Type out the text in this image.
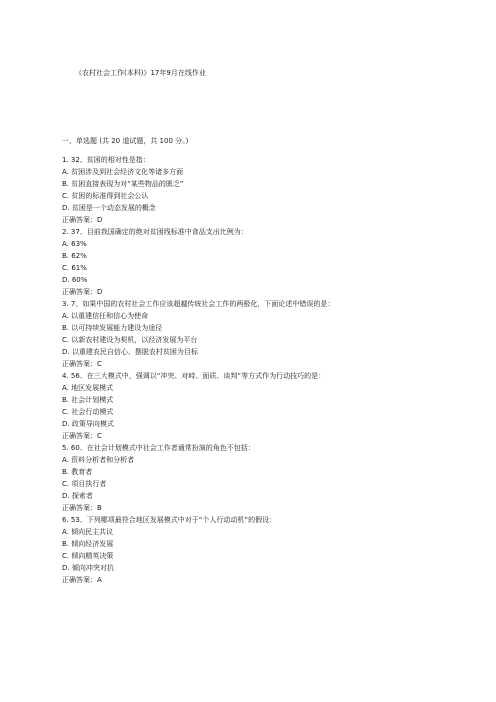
《农村社会工作(本科)》17年9月在线作业
一、单选题 (共 20 道试题，共 100 分。)
1. 32、贫困的相对性是指：
A. 贫困涉及到社会经济文化等诸多方面
B. 贫困直接表现为对“某些物品的匮乏”
C. 贫困的标准得到社会公认
D. 贫困是一个动态发展的概念
正确答案：D
2. 37、目前我国确定的绝对贫困线标准中食品支出比例为：
A. 63%
B. 62%
C. 61%
D. 60%
正确答案：D
3. 7、如果中国的农村社会工作应该超越传统社会工作的两极化，下面论述中错误的是：
A. 以重建信任和信心为使命
B. 以可持续发展能力建设为途径
C. 以新农村建设为契机，以经济发展为平台
D. 以重建农民自信心、摆脱农村贫困为目标
正确答案：C
4. 56、在三大模式中，强调以“冲突、对峙、面质、谈判”等方式作为行动技巧的是：
A. 地区发展模式
B. 社会计划模式
C. 社会行动模式
D. 政策导向模式
正确答案：C
5. 60、在社会计划模式中社会工作者通常扮演的角色不包括：
A. 资料分析者和分析者
B. 教育者
C. 项目执行者
D. 探索者
正确答案：B
6. 53、下列哪项最符合地区发展模式中对于“个人行动动机”的假设：
A. 倾向民主共议
B. 倾向经济发展
C. 倾向精英决策
D. 倾向冲突对抗
正确答案：A
